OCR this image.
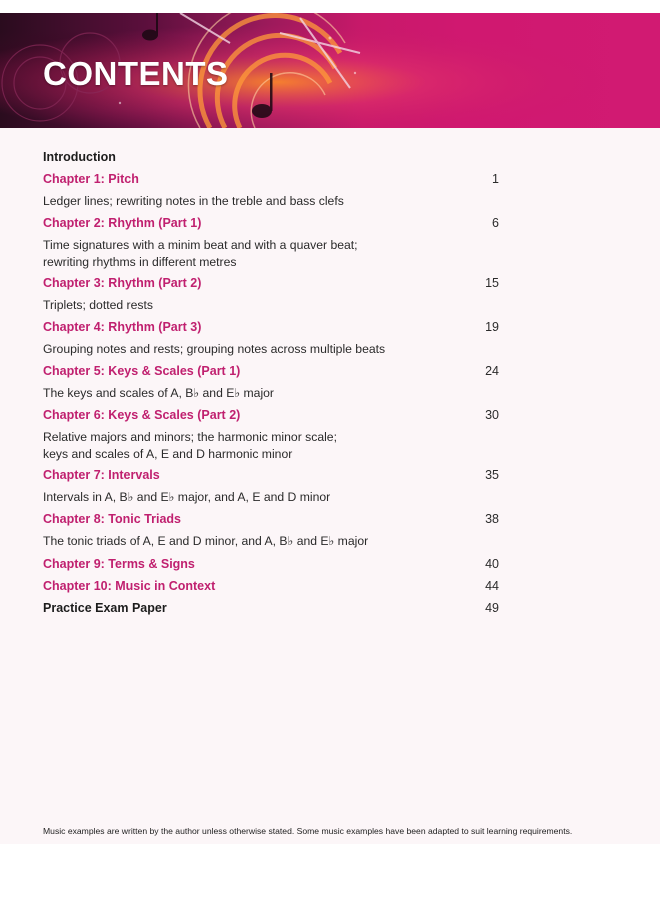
CONTENTS
Introduction
Chapter 1: Pitch	1
Ledger lines; rewriting notes in the treble and bass clefs
Chapter 2: Rhythm (Part 1)	6
Time signatures with a minim beat and with a quaver beat;
rewriting rhythms in different metres
Chapter 3: Rhythm (Part 2)	15
Triplets; dotted rests
Chapter 4: Rhythm (Part 3)	19
Grouping notes and rests; grouping notes across multiple beats
Chapter 5: Keys & Scales (Part 1)	24
The keys and scales of A, B♭ and E♭ major
Chapter 6: Keys & Scales (Part 2)	30
Relative majors and minors; the harmonic minor scale;
keys and scales of A, E and D harmonic minor
Chapter 7: Intervals	35
Intervals in A, B♭ and E♭ major, and A, E and D minor
Chapter 8: Tonic Triads	38
The tonic triads of A, E and D minor, and A, B♭ and E♭ major
Chapter 9: Terms & Signs	40
Chapter 10: Music in Context	44
Practice Exam Paper	49
Music examples are written by the author unless otherwise stated. Some music examples have been adapted to suit learning requirements.
